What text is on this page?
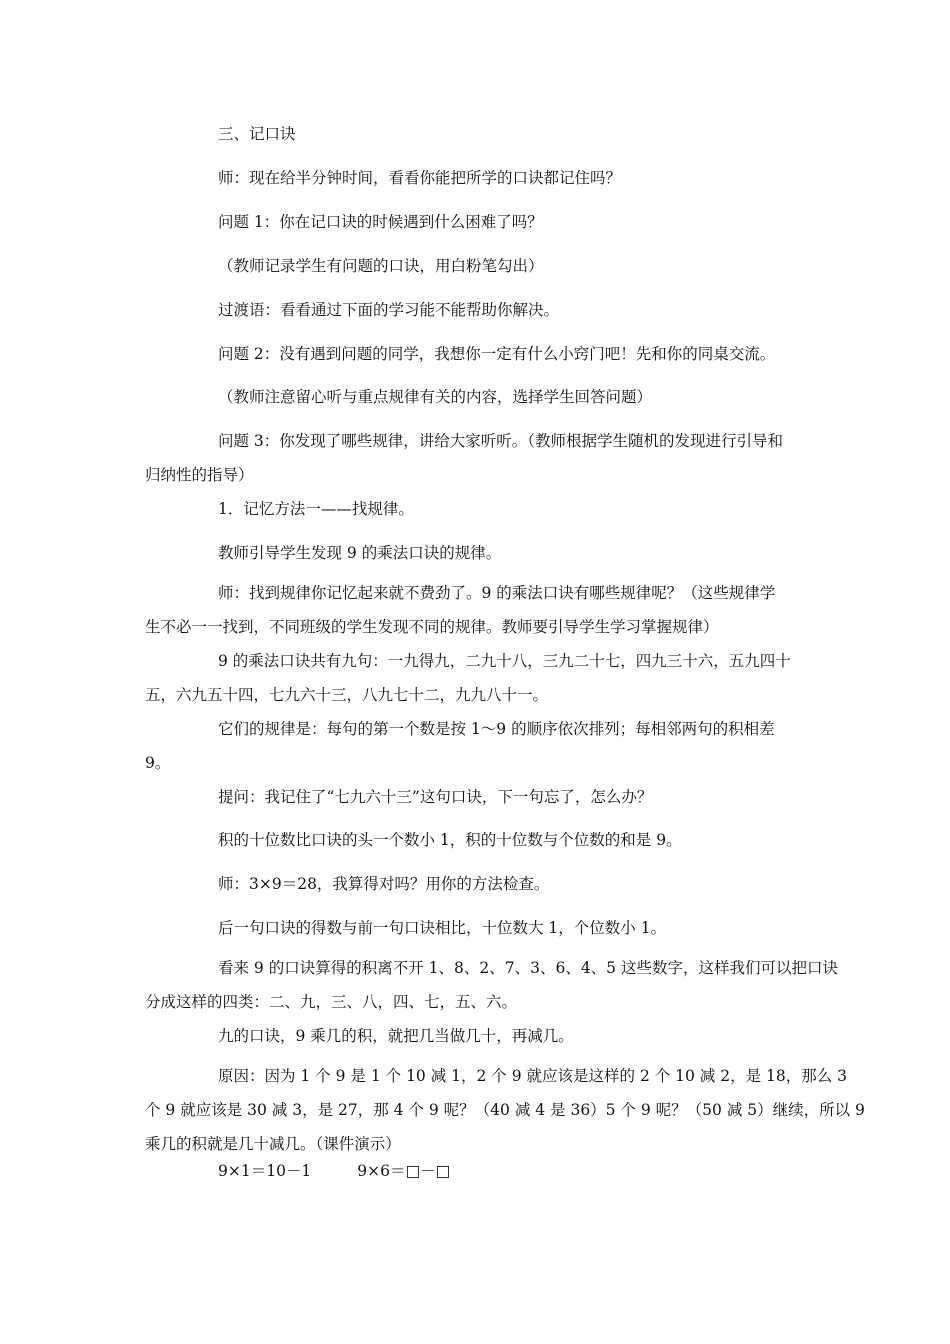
三、记口诀

师：现在给半分钟时间，看看你能把所学的口诀都记住吗？

问题 1：你在记口诀的时候遇到什么困难了吗？

（教师记录学生有问题的口诀，用白粉笔勾出）

过渡语：看看通过下面的学习能不能帮助你解决。

问题 2：没有遇到问题的同学，我想你一定有什么小窍门吧！先和你的同桌交流。

（教师注意留心听与重点规律有关的内容，选择学生回答问题）

问题 3：你发现了哪些规律，讲给大家听听。（教师根据学生随机的发现进行引导和
归纳性的指导）

1．记忆方法一——找规律。

教师引导学生发现 9 的乘法口诀的规律。

师：找到规律你记忆起来就不费劲了。9 的乘法口诀有哪些规律呢？（这些规律学
生不必一一找到，不同班级的学生发现不同的规律。教师要引导学生学习掌握规律）

9 的乘法口诀共有九句：一九得九，二九十八，三九二十七，四九三十六，五九四十
五，六九五十四，七九六十三，八九七十二，九九八十一。

它们的规律是：每句的第一个数是按 1～9 的顺序依次排列；每相邻两句的积相差
9。

提问：我记住了“七九六十三”这句口诀，下一句忘了，怎么办？

积的十位数比口诀的头一个数小 1，积的十位数与个位数的和是 9。

师：3×9＝28，我算得对吗？用你的方法检查。

后一句口诀的得数与前一句口诀相比，十位数大 1，个位数小 1。

看来 9 的口诀算得的积离不开 1、8、2、7、3、6、4、5 这些数字，这样我们可以把口诀
分成这样的四类：二、九，三、八，四、七，五、六。

九的口诀，9 乘几的积，就把几当做几十，再减几。

原因：因为 1 个 9 是 1 个 10 减 1，2 个 9 就应该是这样的 2 个 10 减 2，是 18，那么 3
个 9 就应该是 30 减 3，是 27，那 4 个 9 呢？（40 减 4 是 36）5 个 9 呢？（50 减 5）继续，所以 9
乘几的积就是几十减几。（课件演示）

9×1＝10－1	9×6＝□－□
